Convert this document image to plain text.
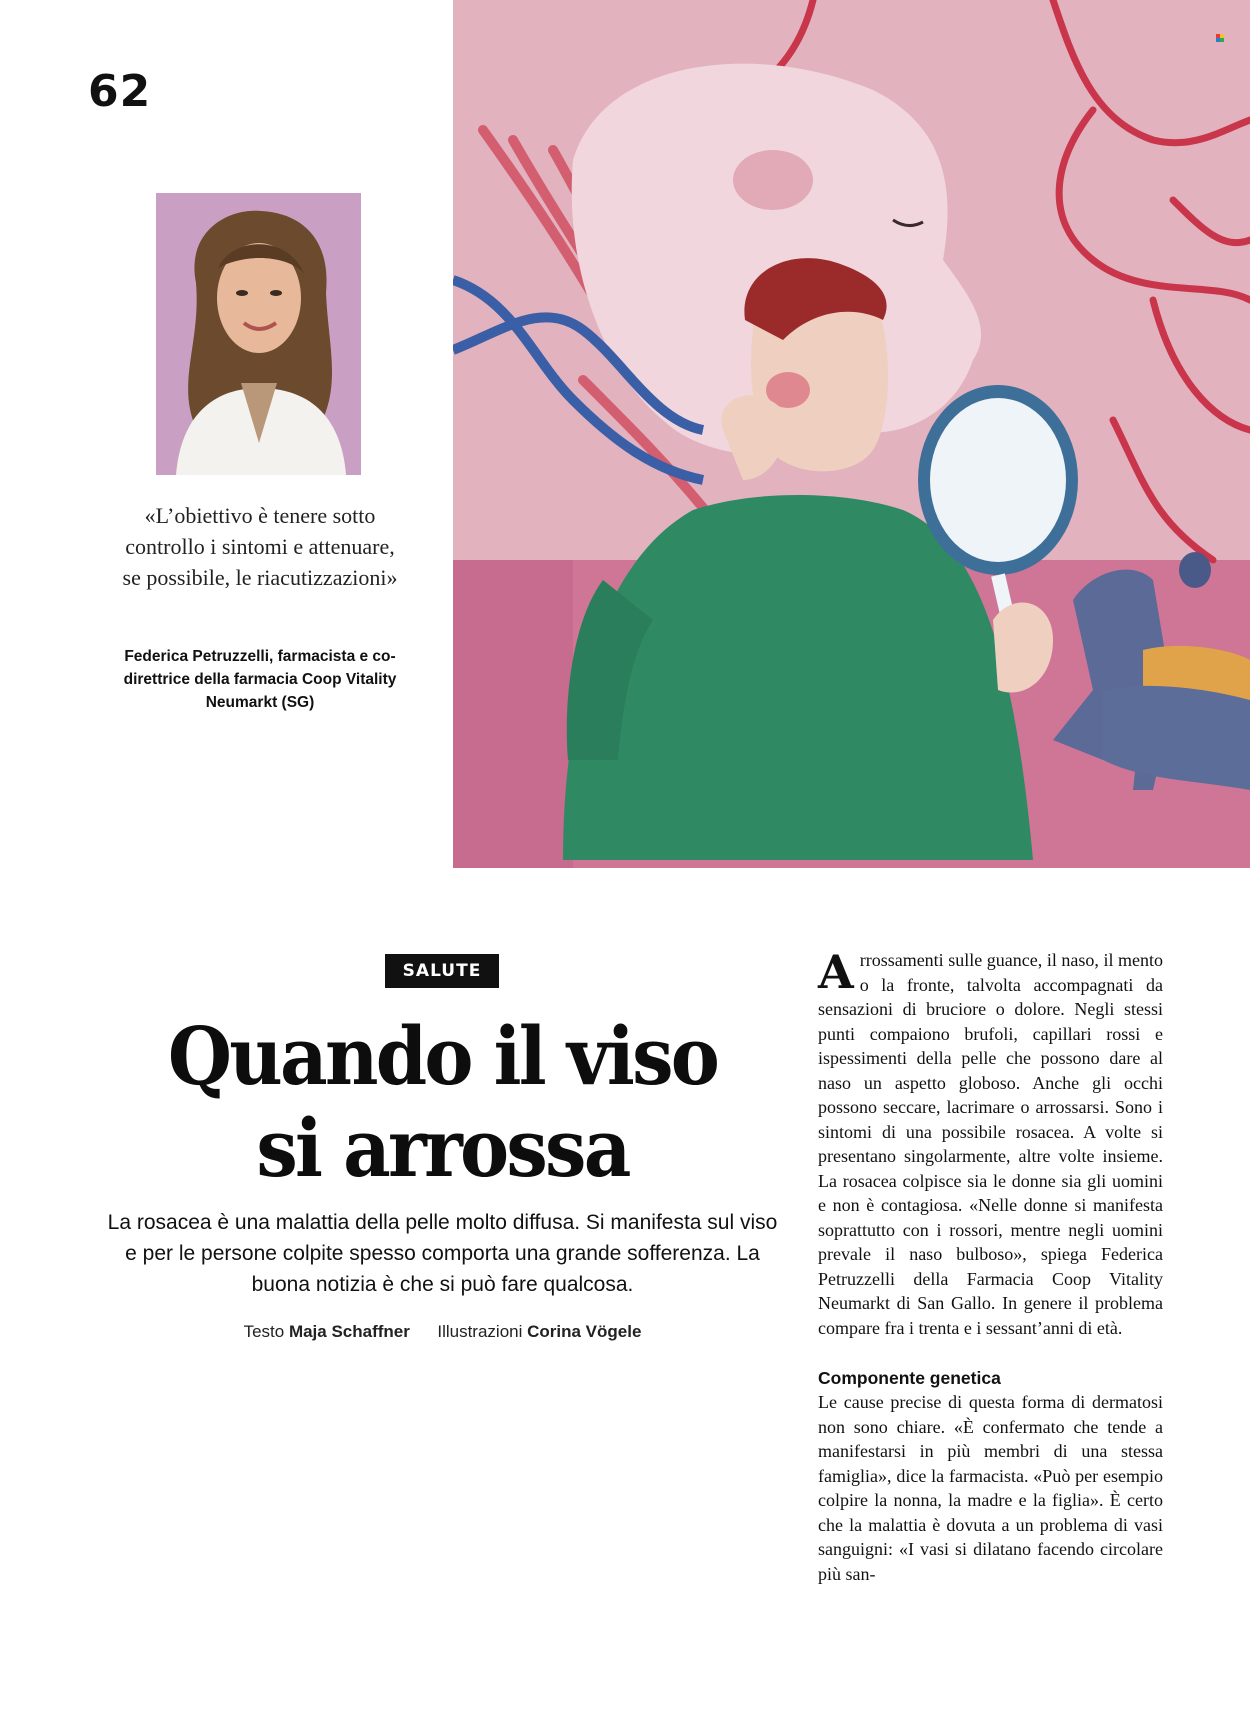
62
«L’obiettivo è tenere sotto controllo i sintomi e attenuare, se possibile, le riacutizzazioni»
Federica Petruzzelli, farmacista e co-direttrice della farmacia Coop Vitality Neumarkt (SG)
SALUTE
Quando il viso
si arrossa

La rosacea è una malattia della pelle molto diffusa. Si manifesta sul viso e per le persone colpite spesso comporta una grande sofferenza. La buona notizia è che si può fare qualcosa.

Testo Maja Schaffner Illustrazioni Corina Vögele

Arrossamenti sulle guance, il naso, il mento o la fronte, talvolta accompagnati da sensazioni di bruciore o dolore. Negli stessi punti compaiono brufoli, capillari rossi e ispessimenti della pelle che possono dare al naso un aspetto globoso. Anche gli occhi possono seccare, lacrimare o arrossarsi. Sono i sintomi di una possibile rosacea. A volte si presentano singolarmente, altre volte insieme. La rosacea colpisce sia le donne sia gli uomini e non è contagiosa. «Nelle donne si manifesta soprattutto con i rossori, mentre negli uomini prevale il naso bulboso», spiega Federica Petruzzelli della Farmacia Coop Vitality Neumarkt di San Gallo. In genere il problema compare fra i trenta e i sessant’anni di età.

Componente genetica

Le cause precise di questa forma di dermatosi non sono chiare. «È confermato che tende a manifestarsi in più membri di una stessa famiglia», dice la farmacista. «Può per esempio colpire la nonna, la madre e la figlia». È certo che la malattia è dovuta a un problema di vasi sanguigni: «I vasi si dilatano facendo circolare più san-
